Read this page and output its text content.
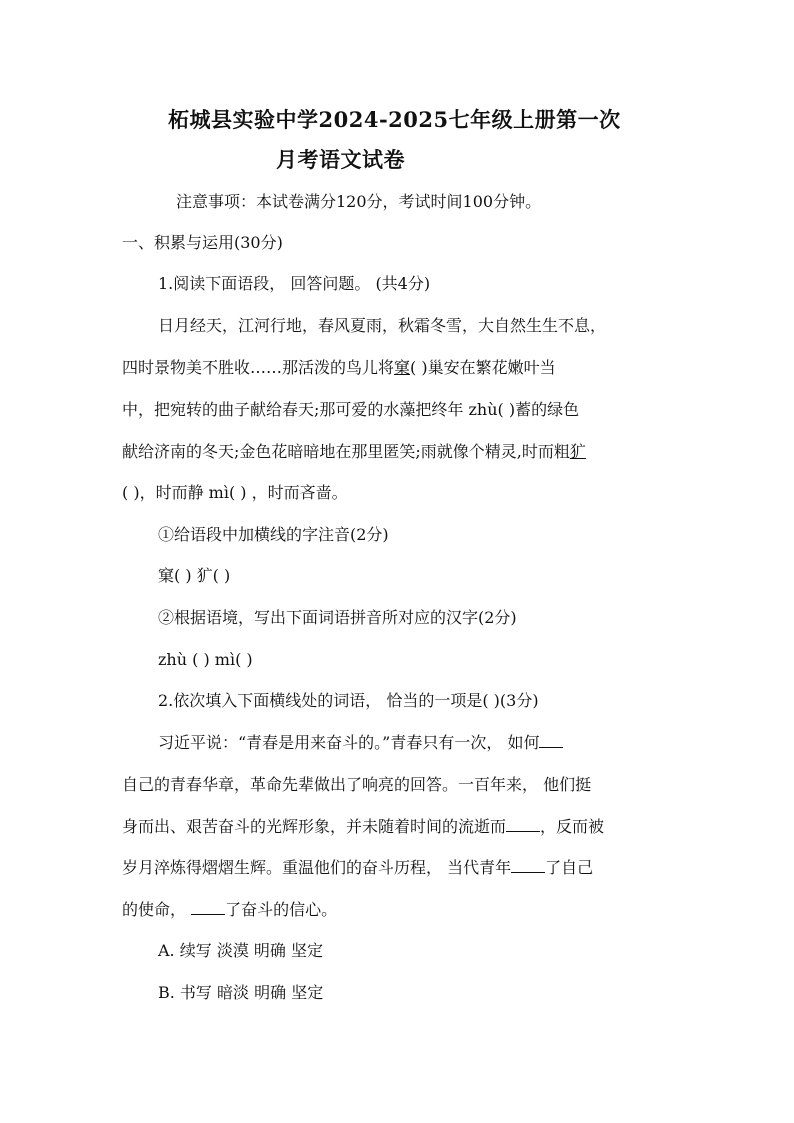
柘城县实验中学2024-2025七年级上册第一次
月考语文试卷
注意事项：本试卷满分120分，考试时间100分钟。
一、积累与运用(30分)
1.阅读下面语段， 回答问题。 (共4分)
日月经天，江河行地，春风夏雨，秋霜冬雪，大自然生生不息，
四时景物美不胜收……那活泼的鸟儿将窠( )巢安在繁花嫩叶当
中，把宛转的曲子献给春天;那可爱的水藻把终年 zhù( )蓄的绿色
献给济南的冬天;金色花暗暗地在那里匿笑;雨就像个精灵,时而粗犷
( )，时而静 mì( ) ，时而吝啬。
①给语段中加横线的字注音(2分)
窠( ) 犷( )
②根据语境，写出下面词语拼音所对应的汉字(2分)
zhù ( ) mì( )
2.依次填入下面横线处的词语， 恰当的一项是( )(3分)
习近平说：“青春是用来奋斗的。”青春只有一次， 如何
自己的青春华章，革命先辈做出了响亮的回答。一百年来， 他们挺
身而出、艰苦奋斗的光辉形象，并未随着时间的流逝而 ，反而被
岁月淬炼得熠熠生辉。重温他们的奋斗历程， 当代青年 了自己
的使命， 了奋斗的信心。
A. 续写 淡漠 明确 坚定
B. 书写 暗淡 明确 坚定
